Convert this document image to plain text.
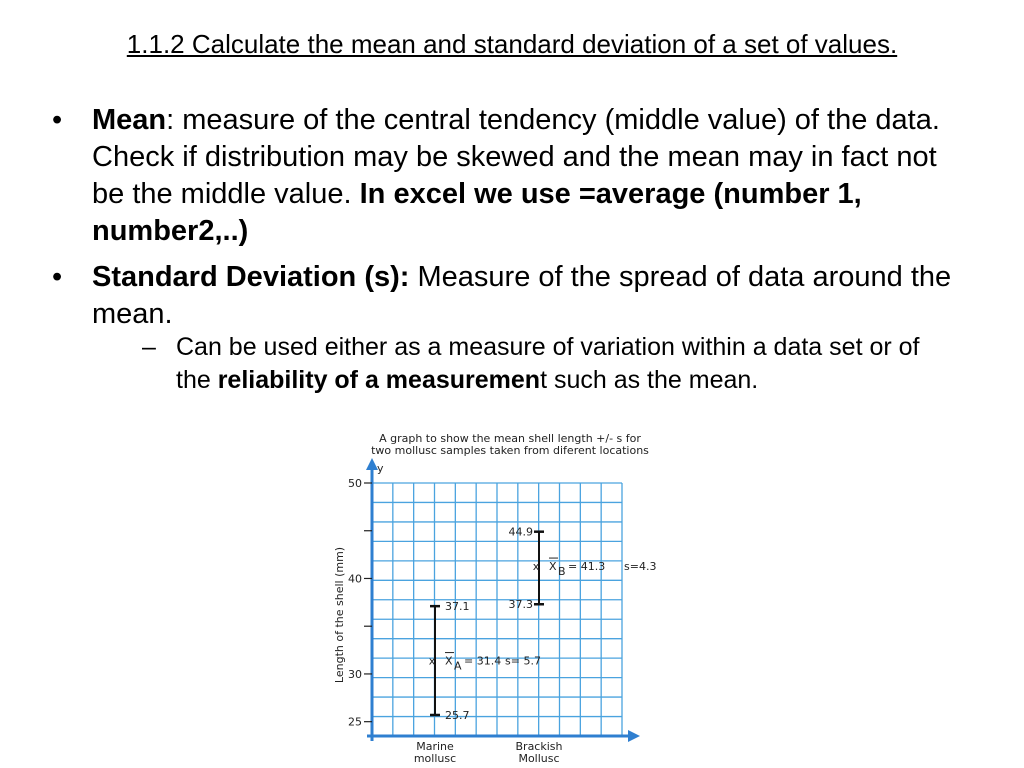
1.1.2 Calculate the mean and standard deviation of a set of values.
• Mean: measure of the central tendency (middle value) of the data. Check if distribution may be skewed and the mean may in fact not be the middle value. In excel we use =average (number 1, number2,..)
• Standard Deviation (s): Measure of the spread of data around the mean.
– Can be used either as a measure of variation within a data set or of the reliability of a measurement such as the mean.
A graph to show the mean shell length +/- s for
two mollusc samples taken from diferent locations
25
30
40
50
x
37.1
25.7
X A = 31.4 s= 5.7
Marine
mollusc
x
44.9
37.3
X B = 41.3 s=4.3
Brackish
Mollusc
Length of the shell (mm)
y
